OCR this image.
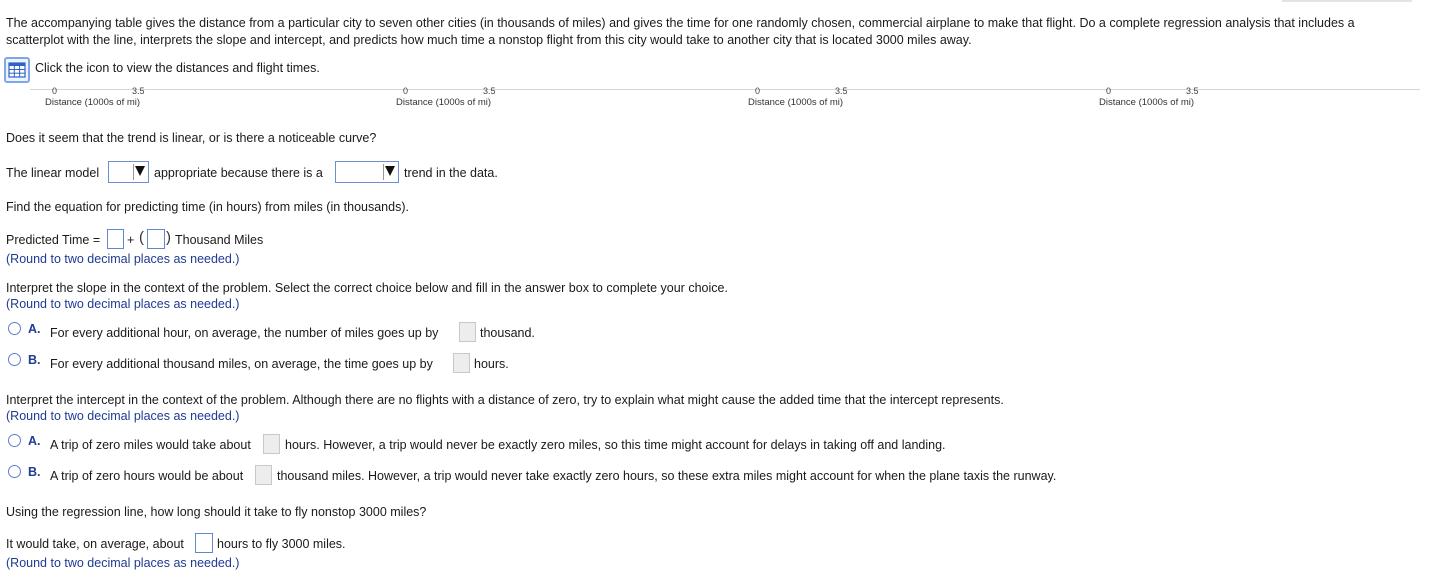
The accompanying table gives the distance from a particular city to seven other cities (in thousands of miles) and gives the time for one randomly chosen, commercial airplane to make that flight. Do a complete regression analysis that includes a
scatterplot with the line, interprets the slope and intercept, and predicts how much time a nonstop flight from this city would take to another city that is located 3000 miles away.
Click the icon to view the distances and flight times.
0	3.5
Distance (1000s of mi)
0	3.5
Distance (1000s of mi)
0	3.5
Distance (1000s of mi)
0	3.5
Distance (1000s of mi)
Does it seem that the trend is linear, or is there a noticeable curve?
The linear model	appropriate because there is a	trend in the data.
Find the equation for predicting time (in hours) from miles (in thousands).
Predicted Time = + ( ) Thousand Miles
(Round to two decimal places as needed.)
Interpret the slope in the context of the problem. Select the correct choice below and fill in the answer box to complete your choice.
(Round to two decimal places as needed.)
A. For every additional hour, on average, the number of miles goes up by	thousand.
B. For every additional thousand miles, on average, the time goes up by	hours.
Interpret the intercept in the context of the problem. Although there are no flights with a distance of zero, try to explain what might cause the added time that the intercept represents.
(Round to two decimal places as needed.)
A. A trip of zero miles would take about	hours. However, a trip would never be exactly zero miles, so this time might account for delays in taking off and landing.
B. A trip of zero hours would be about	thousand miles. However, a trip would never take exactly zero hours, so these extra miles might account for when the plane taxis the runway.
Using the regression line, how long should it take to fly nonstop 3000 miles?
It would take, on average, about	hours to fly 3000 miles.
(Round to two decimal places as needed.)
